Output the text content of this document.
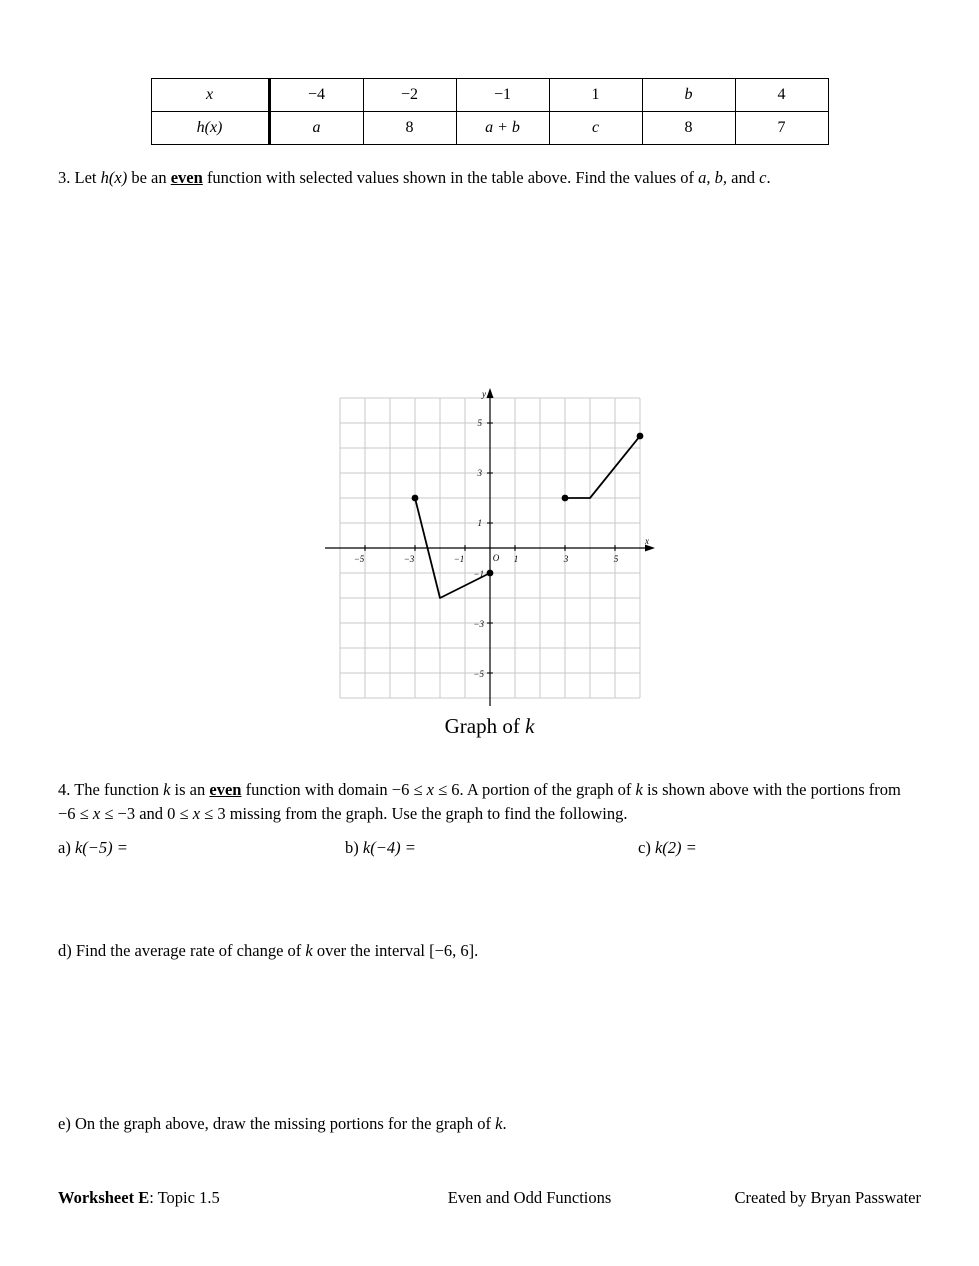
x	−4	−2	−1	1	b	4
h(x)	a	8	a + b	c	8	7
3. Let h(x) be an even function with selected values shown in the table above. Find the values of a, b, and c.
−5	−3	−1	1	3	5
5
3
1
−1
−3
−5
O
x
y
Graph of k
4. The function k is an even function with domain −6 ≤ x ≤ 6. A portion of the graph of k is shown above with the portions from −6 ≤ x ≤ −3 and 0 ≤ x ≤ 3 missing from the graph. Use the graph to find the following.
a) k(−5) =	b) k(−4) =	c) k(2) =
d) Find the average rate of change of k over the interval [−6, 6].
e) On the graph above, draw the missing portions for the graph of k.
Worksheet E: Topic 1.5	Even and Odd Functions	Created by Bryan Passwater
